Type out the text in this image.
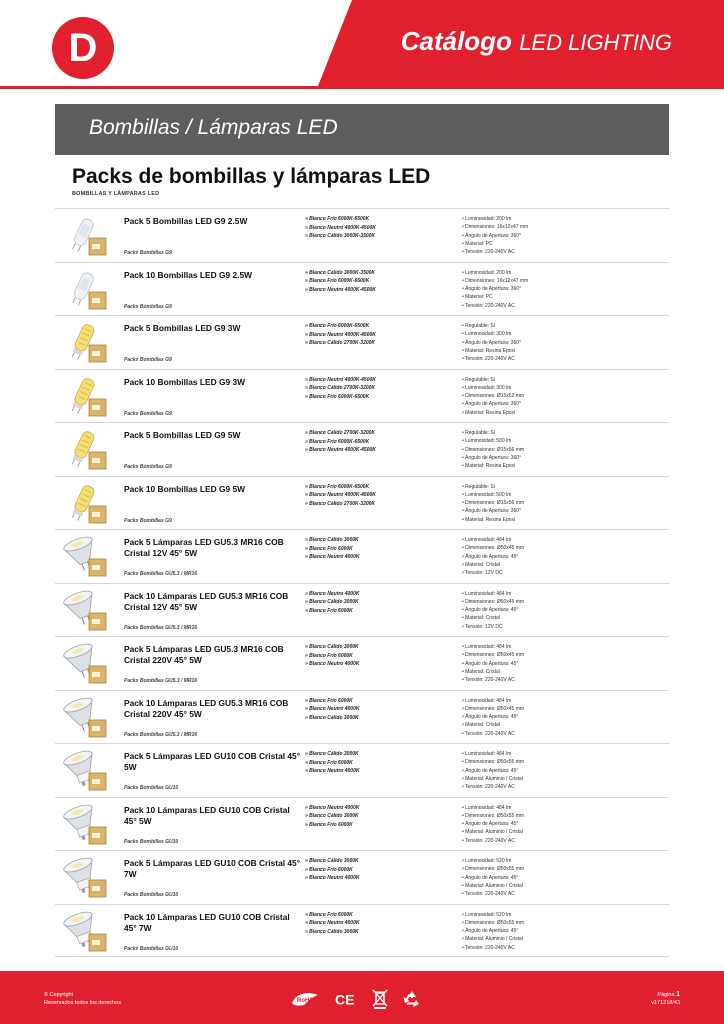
D	Catálogo LED LIGHTING
Bombillas / Lámparas LED
Packs de bombillas y lámparas LED
BOMBILLAS Y LÁMPARAS LED
Pack 5 Bombillas LED G9 2.5W
Packs Bombillas G9
» Blanco Frío 6000K-6500K
» Blanco Neutro 4000K-4500K
» Blanco Cálido 3000K-3500K
• Luminosidad: 200 lm
• Dimensiones: 16x12x47 mm
• Ángulo de Apertura: 360°
• Material: PC
• Tensión: 220-240V AC
Pack 10 Bombillas LED G9 2.5W
Packs Bombillas G9
» Blanco Cálido 3000K-3500K
» Blanco Frío 6000K-6500K
» Blanco Neutro 4000K-4500K
• Luminosidad: 200 lm
• Dimensiones: 16x12x47 mm
• Ángulo de Apertura: 360°
• Material: PC
• Tensión: 220-240V AC
Pack 5 Bombillas LED G9 3W
Packs Bombillas G9
» Blanco Frío 6000K-6500K
» Blanco Neutro 4000K-4500K
» Blanco Cálido 2700K-3200K
• Regulable: Sí
• Luminosidad: 300 lm
• Ángulo de Apertura: 360°
• Material: Resina Epoxi
• Tensión: 220-240V AC
Pack 10 Bombillas LED G9 3W
Packs Bombillas G9
» Blanco Neutro 4000K-4500K
» Blanco Cálido 2700K-3200K
» Blanco Frío 6000K-6500K
• Regulable: Sí
• Luminosidad: 300 lm
• Dimensiones: Ø15x52 mm
• Ángulo de Apertura: 360°
• Material: Resina Epoxi
Pack 5 Bombillas LED G9 5W
Packs Bombillas G9
» Blanco Cálido 2700K-3200K
» Blanco Frío 6000K-6500K
» Blanco Neutro 4000K-4500K
• Regulable: Sí
• Luminosidad: 500 lm
• Dimensiones: Ø15x56 mm
• Ángulo de Apertura: 360°
• Material: Resina Epoxi
Pack 10 Bombillas LED G9 5W
Packs Bombillas G9
» Blanco Frío 6000K-6500K
» Blanco Neutro 4000K-4500K
» Blanco Cálido 2700K-3200K
• Regulable: Sí
• Luminosidad: 500 lm
• Dimensiones: Ø15x56 mm
• Ángulo de Apertura: 360°
• Material: Resina Epoxi
Pack 5 Lámparas LED GU5.3 MR16 COB Cristal 12V 45° 5W
Packs Bombillas GU5.3 / MR16
» Blanco Cálido 3000K
» Blanco Frío 6000K
» Blanco Neutro 4000K
• Luminosidad: 484 lm
• Dimensiones: Ø50x45 mm
• Ángulo de Apertura: 45°
• Material: Cristal
• Tensión: 12V DC
Pack 10 Lámparas LED GU5.3 MR16 COB Cristal 12V 45° 5W
Packs Bombillas GU5.3 / MR16
» Blanco Neutro 4000K
» Blanco Cálido 3000K
» Blanco Frío 6000K
• Luminosidad: 484 lm
• Dimensiones: Ø50x45 mm
• Ángulo de Apertura: 45°
• Material: Cristal
• Tensión: 12V DC
Pack 5 Lámparas LED GU5.3 MR16 COB Cristal 220V 45° 5W
Packs Bombillas GU5.3 / MR16
» Blanco Cálido 3000K
» Blanco Frío 6000K
» Blanco Neutro 4000K
• Luminosidad: 484 lm
• Dimensiones: Ø50x45 mm
• Ángulo de Apertura: 45°
• Material: Cristal
• Tensión: 220-240V AC
Pack 10 Lámparas LED GU5.3 MR16 COB Cristal 220V 45° 5W
Packs Bombillas GU5.3 / MR16
» Blanco Frío 6000K
» Blanco Neutro 4000K
» Blanco Cálido 3000K
• Luminosidad: 484 lm
• Dimensiones: Ø50x45 mm
• Ángulo de Apertura: 45°
• Material: Cristal
• Tensión: 220-240V AC
Pack 5 Lámparas LED GU10 COB Cristal 45° 5W
Packs Bombillas GU10
» Blanco Cálido 3000K
» Blanco Frío 6000K
» Blanco Neutro 4000K
• Luminosidad: 484 lm
• Dimensiones: Ø50x55 mm
• Ángulo de Apertura: 45°
• Material: Aluminio / Cristal
• Tensión: 220-240V AC
Pack 10 Lámparas LED GU10 COB Cristal 45° 5W
Packs Bombillas GU10
» Blanco Neutro 4000K
» Blanco Cálido 3000K
» Blanco Frío 6000K
• Luminosidad: 484 lm
• Dimensiones: Ø50x55 mm
• Ángulo de Apertura: 45°
• Material: Aluminio / Cristal
• Tensión: 220-240V AC
Pack 5 Lámparas LED GU10 COB Cristal 45° 7W
Packs Bombillas GU10
» Blanco Cálido 3000K
» Blanco Frío 6000K
» Blanco Neutro 4000K
• Luminosidad: 520 lm
• Dimensiones: Ø50x55 mm
• Ángulo de Apertura: 45°
• Material: Aluminio / Cristal
• Tensión: 220-240V AC
Pack 10 Lámparas LED GU10 COB Cristal 45° 7W
Packs Bombillas GU10
» Blanco Frío 6000K
» Blanco Neutro 4000K
» Blanco Cálido 3000K
• Luminosidad: 520 lm
• Dimensiones: Ø50x55 mm
• Ángulo de Apertura: 45°
• Material: Aluminio / Cristal
• Tensión: 220-240V AC
© Copyright
Reservados todos los derechos	RoHS CE	Página 1
v171218/43
